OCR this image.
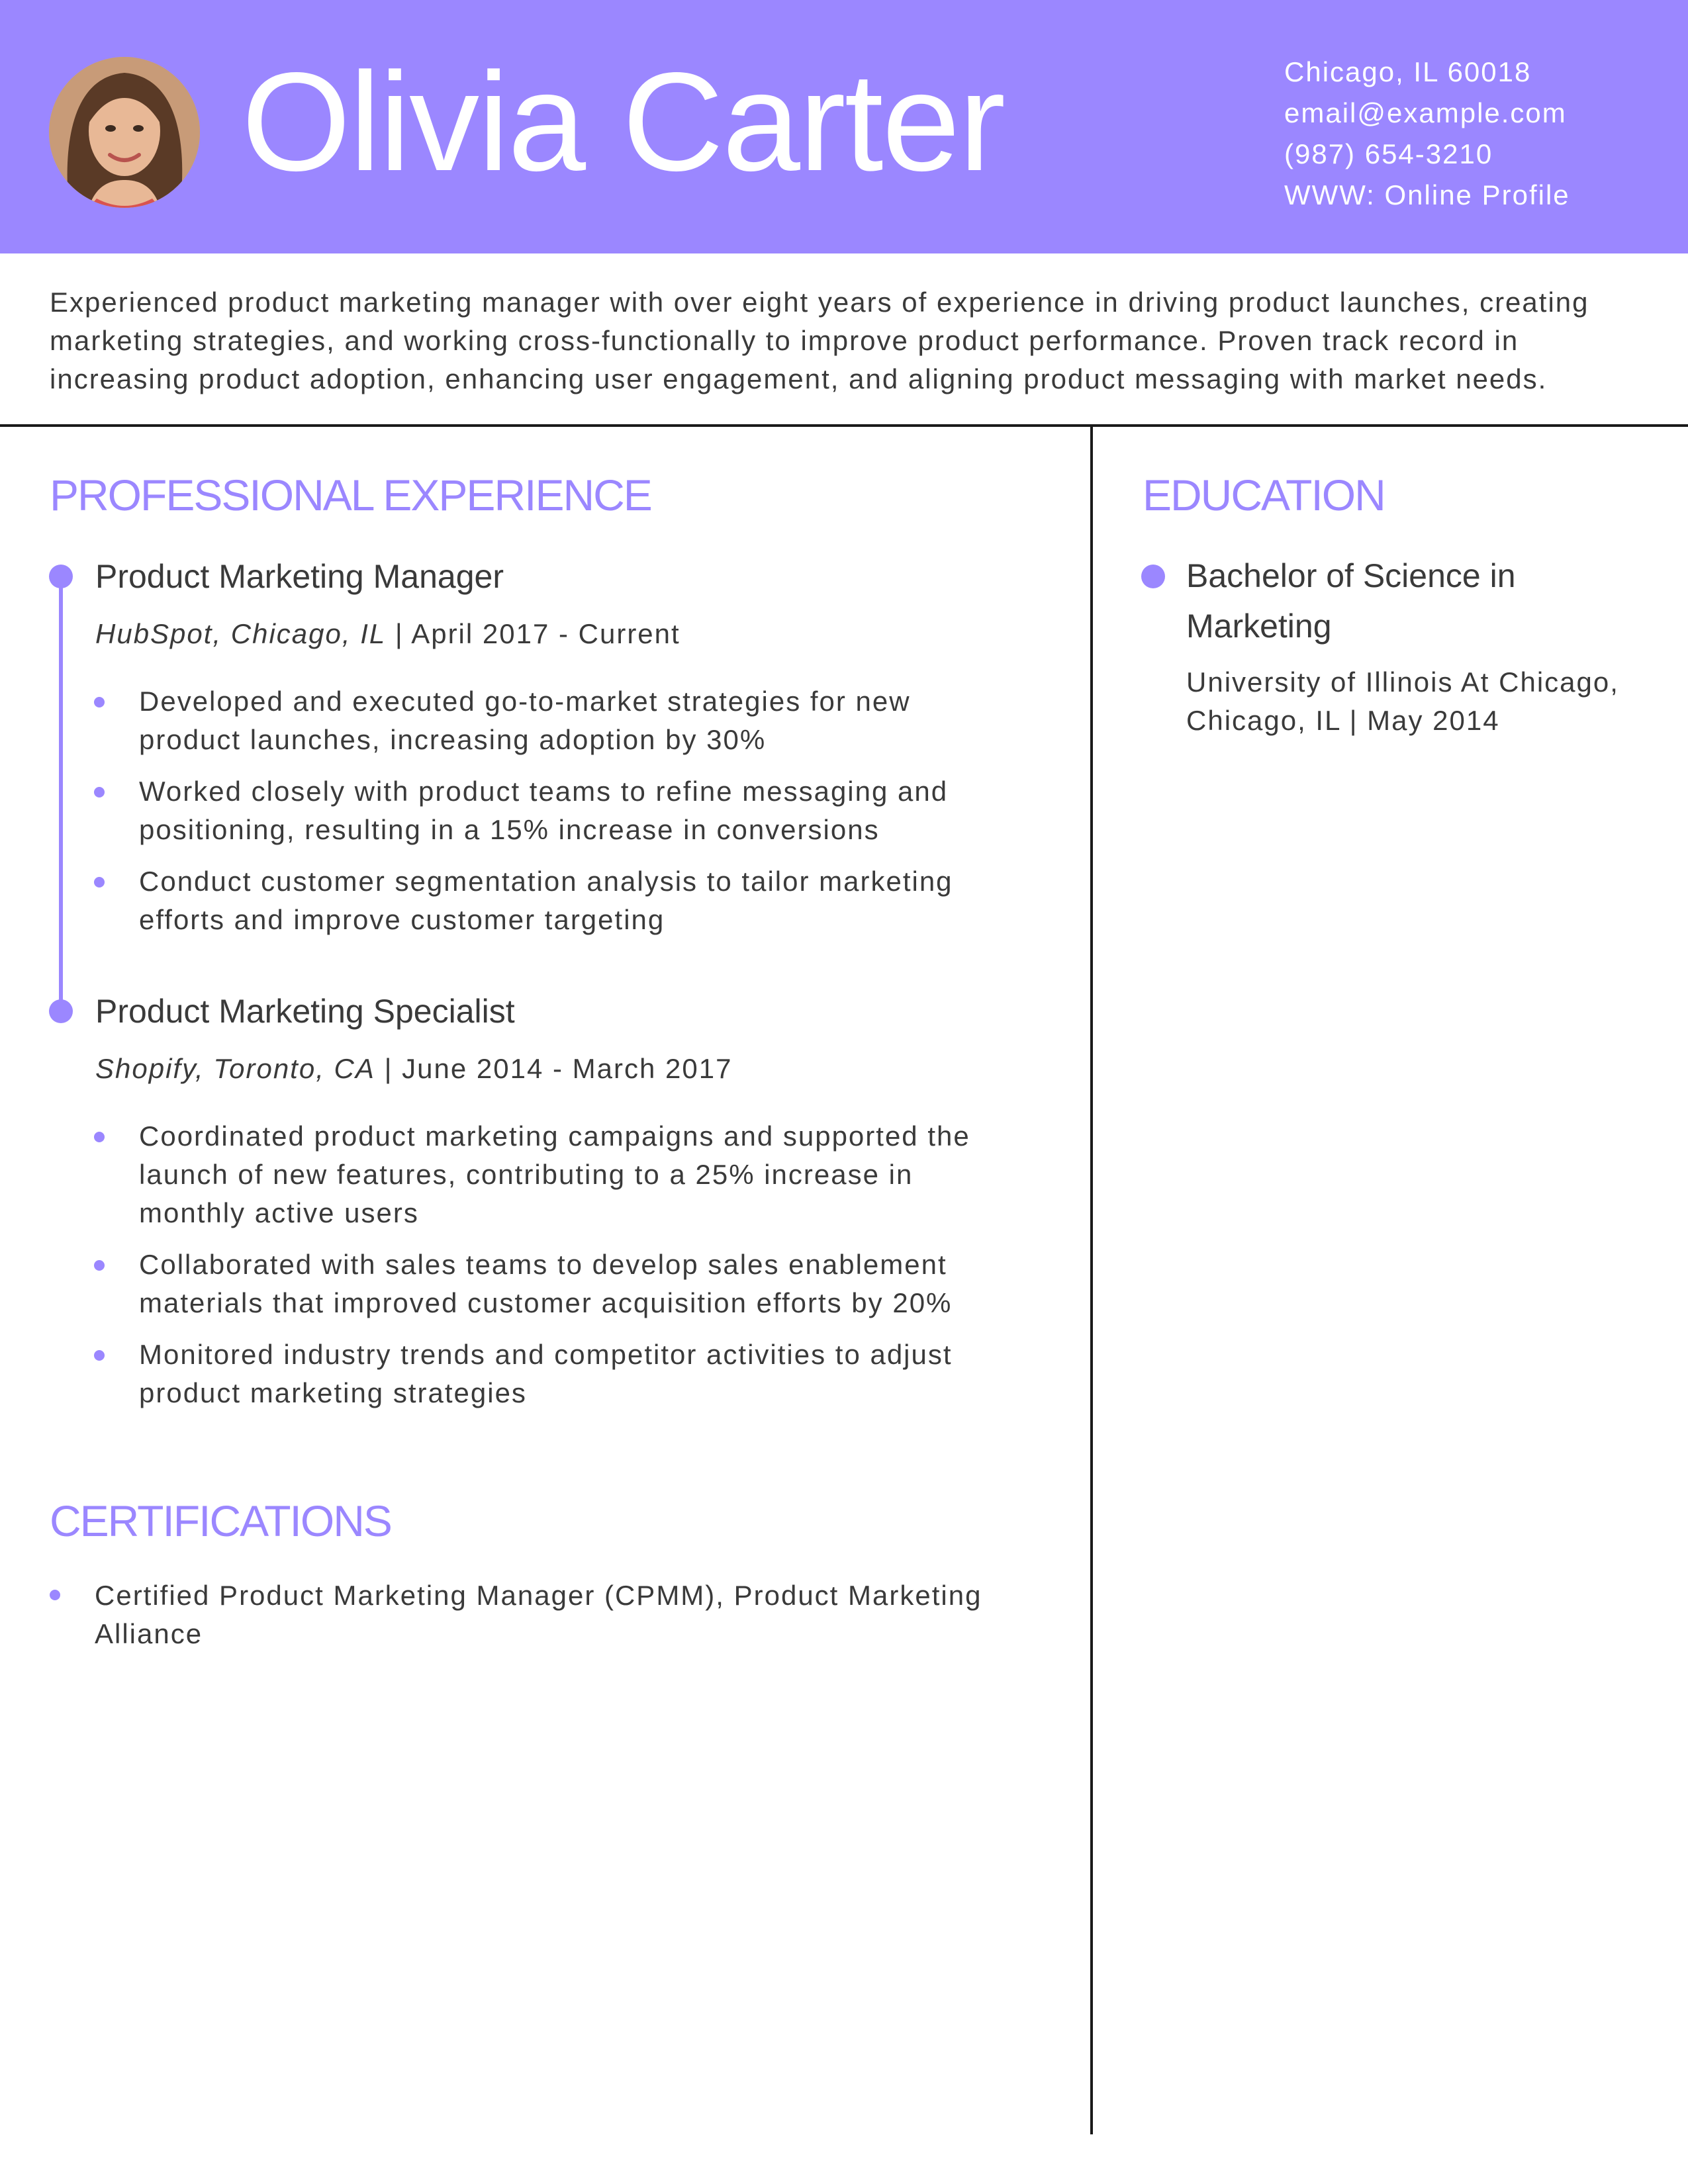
Olivia Carter	Chicago, IL 60018
email@example.com
(987) 654-3210
WWW: Online Profile

Experienced product marketing manager with over eight years of experience in driving product launches, creating marketing strategies, and working cross-functionally to improve product performance. Proven track record in increasing product adoption, enhancing user engagement, and aligning product messaging with market needs.

PROFESSIONAL EXPERIENCE
Product Marketing Manager
HubSpot, Chicago, IL | April 2017 - Current
Developed and executed go-to-market strategies for new product launches, increasing adoption by 30%
Worked closely with product teams to refine messaging and positioning, resulting in a 15% increase in conversions
Conduct customer segmentation analysis to tailor marketing efforts and improve customer targeting
Product Marketing Specialist
Shopify, Toronto, CA | June 2014 - March 2017
Coordinated product marketing campaigns and supported the launch of new features, contributing to a 25% increase in monthly active users
Collaborated with sales teams to develop sales enablement materials that improved customer acquisition efforts by 20%
Monitored industry trends and competitor activities to adjust product marketing strategies
CERTIFICATIONS
Certified Product Marketing Manager (CPMM), Product Marketing Alliance
EDUCATION
Bachelor of Science in Marketing
University of Illinois At Chicago, Chicago, IL | May 2014
